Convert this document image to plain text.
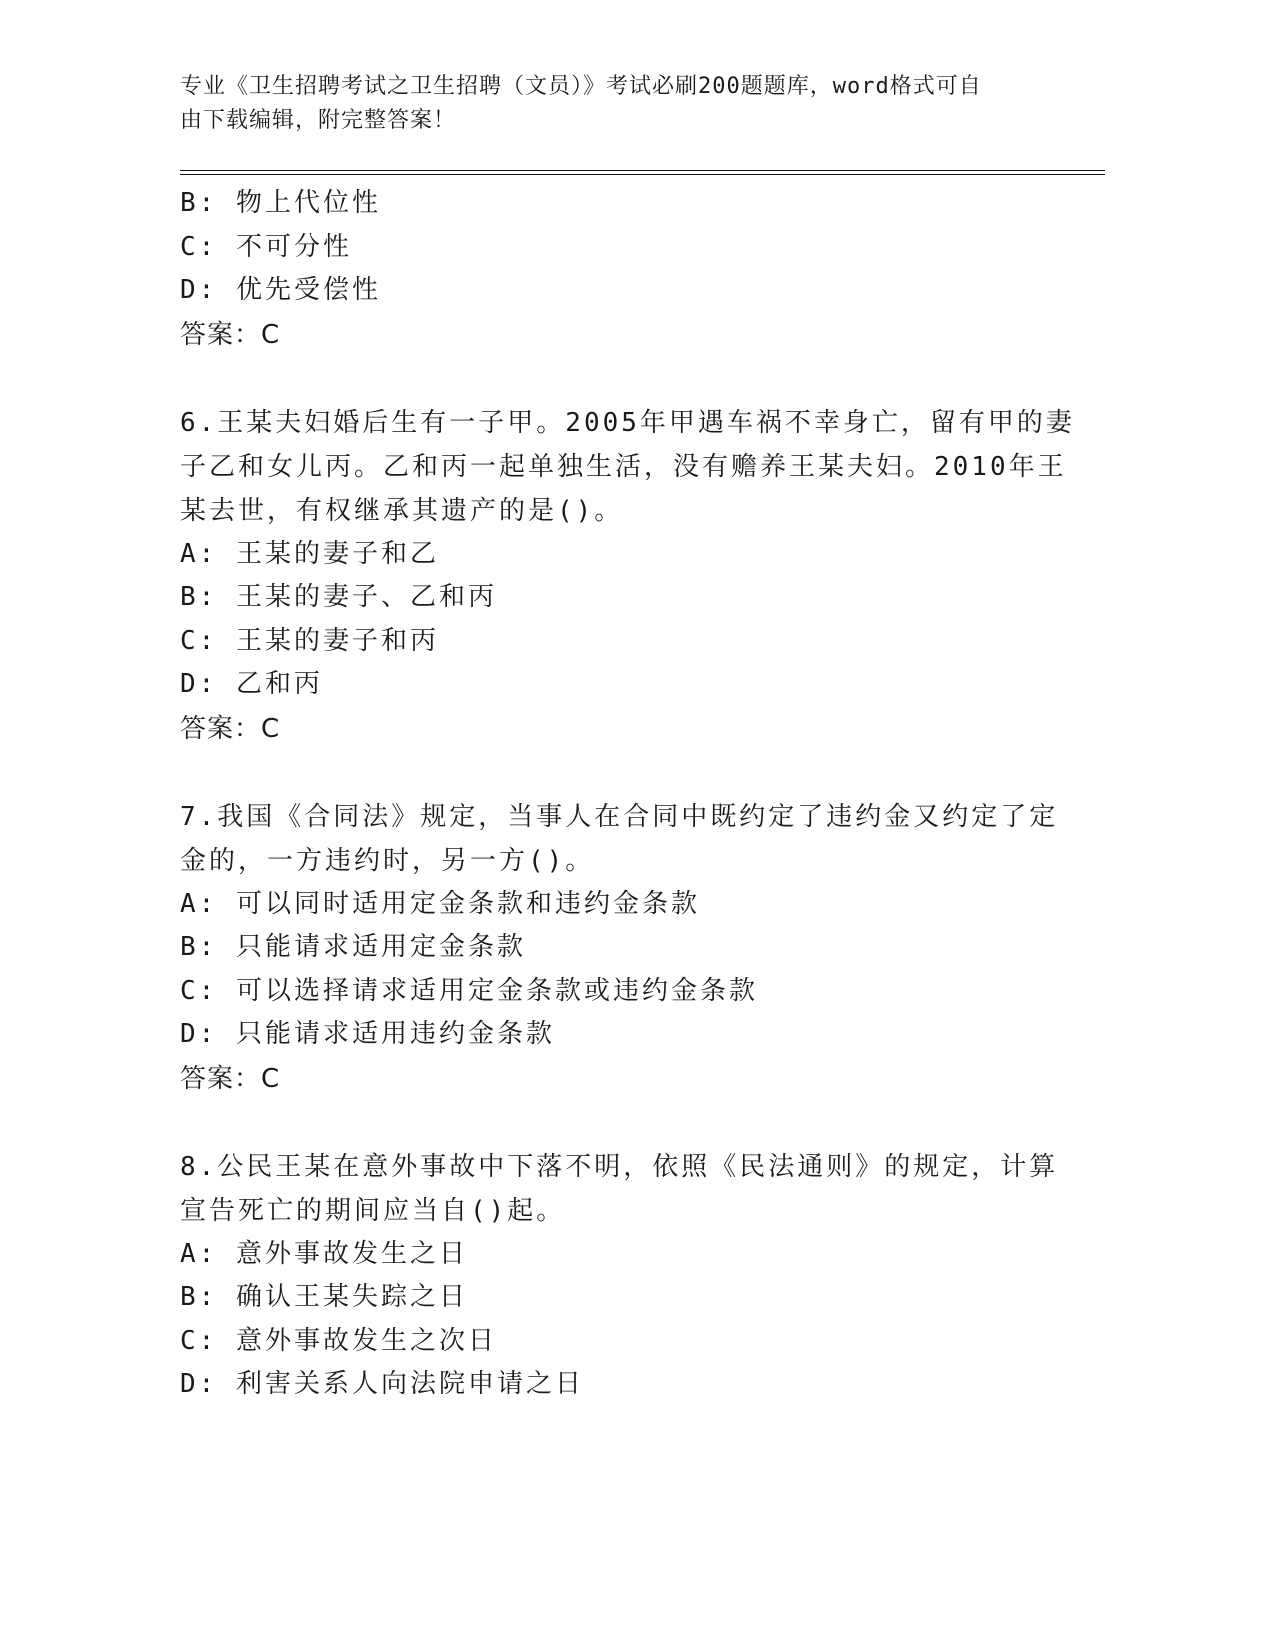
专业《卫生招聘考试之卫生招聘（文员）》考试必刷200题题库，word格式可自
由下载编辑，附完整答案！
B: 物上代位性
C: 不可分性
D: 优先受偿性
答案：C
6.王某夫妇婚后生有一子甲。2005年甲遇车祸不幸身亡，留有甲的妻
子乙和女儿丙。乙和丙一起单独生活，没有赡养王某夫妇。2010年王
某去世，有权继承其遗产的是()。
A: 王某的妻子和乙
B: 王某的妻子、乙和丙
C: 王某的妻子和丙
D: 乙和丙
答案：C
7.我国《合同法》规定，当事人在合同中既约定了违约金又约定了定
金的，一方违约时，另一方()。
A: 可以同时适用定金条款和违约金条款
B: 只能请求适用定金条款
C: 可以选择请求适用定金条款或违约金条款
D: 只能请求适用违约金条款
答案：C
8.公民王某在意外事故中下落不明，依照《民法通则》的规定，计算
宣告死亡的期间应当自()起。
A: 意外事故发生之日
B: 确认王某失踪之日
C: 意外事故发生之次日
D: 利害关系人向法院申请之日
